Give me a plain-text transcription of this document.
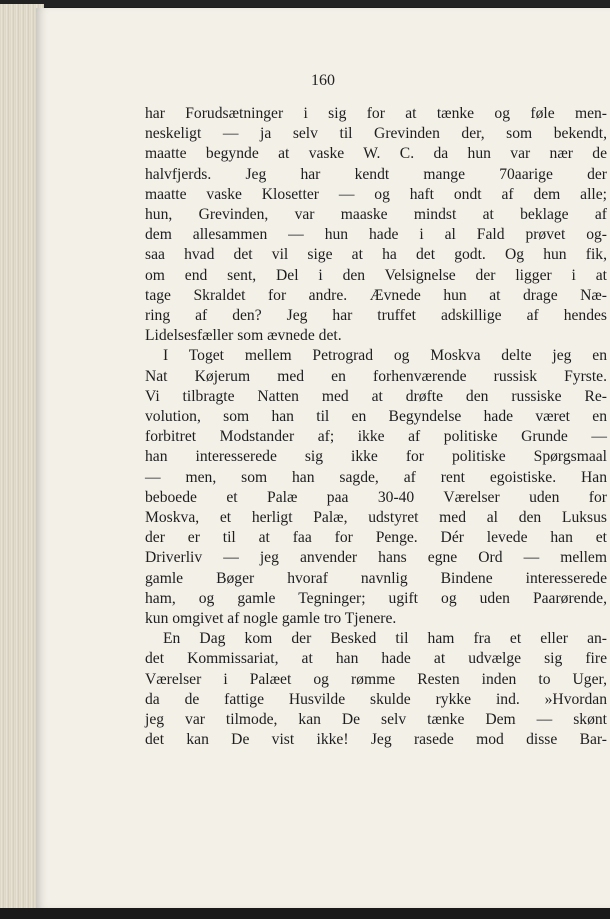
160
har Forudsætninger i sig for at tænke og føle men-
neskeligt — ja selv til Grevinden der, som bekendt,
maatte begynde at vaske W. C. da hun var nær de
halvfjerds. Jeg har kendt mange 70aarige der
maatte vaske Klosetter — og haft ondt af dem alle;
hun, Grevinden, var maaske mindst at beklage af
dem allesammen — hun hade i al Fald prøvet og-
saa hvad det vil sige at ha det godt. Og hun fik,
om end sent, Del i den Velsignelse der ligger i at
tage Skraldet for andre. Ævnede hun at drage Næ-
ring af den? Jeg har truffet adskillige af hendes
Lidelsesfæller som ævnede det.
I Toget mellem Petrograd og Moskva delte jeg en
Nat Køjerum med en forhenværende russisk Fyrste.
Vi tilbragte Natten med at drøfte den russiske Re-
volution, som han til en Begyndelse hade været en
forbitret Modstander af; ikke af politiske Grunde —
han interesserede sig ikke for politiske Spørgsmaal
— men, som han sagde, af rent egoistiske. Han
beboede et Palæ paa 30-40 Værelser uden for
Moskva, et herligt Palæ, udstyret med al den Luksus
der er til at faa for Penge. Dér levede han et
Driverliv — jeg anvender hans egne Ord — mellem
gamle Bøger hvoraf navnlig Bindene interesserede
ham, og gamle Tegninger; ugift og uden Paarørende,
kun omgivet af nogle gamle tro Tjenere.
En Dag kom der Besked til ham fra et eller an-
det Kommissariat, at han hade at udvælge sig fire
Værelser i Palæet og rømme Resten inden to Uger,
da de fattige Husvilde skulde rykke ind. »Hvordan
jeg var tilmode, kan De selv tænke Dem — skønt
det kan De vist ikke! Jeg rasede mod disse Bar-
